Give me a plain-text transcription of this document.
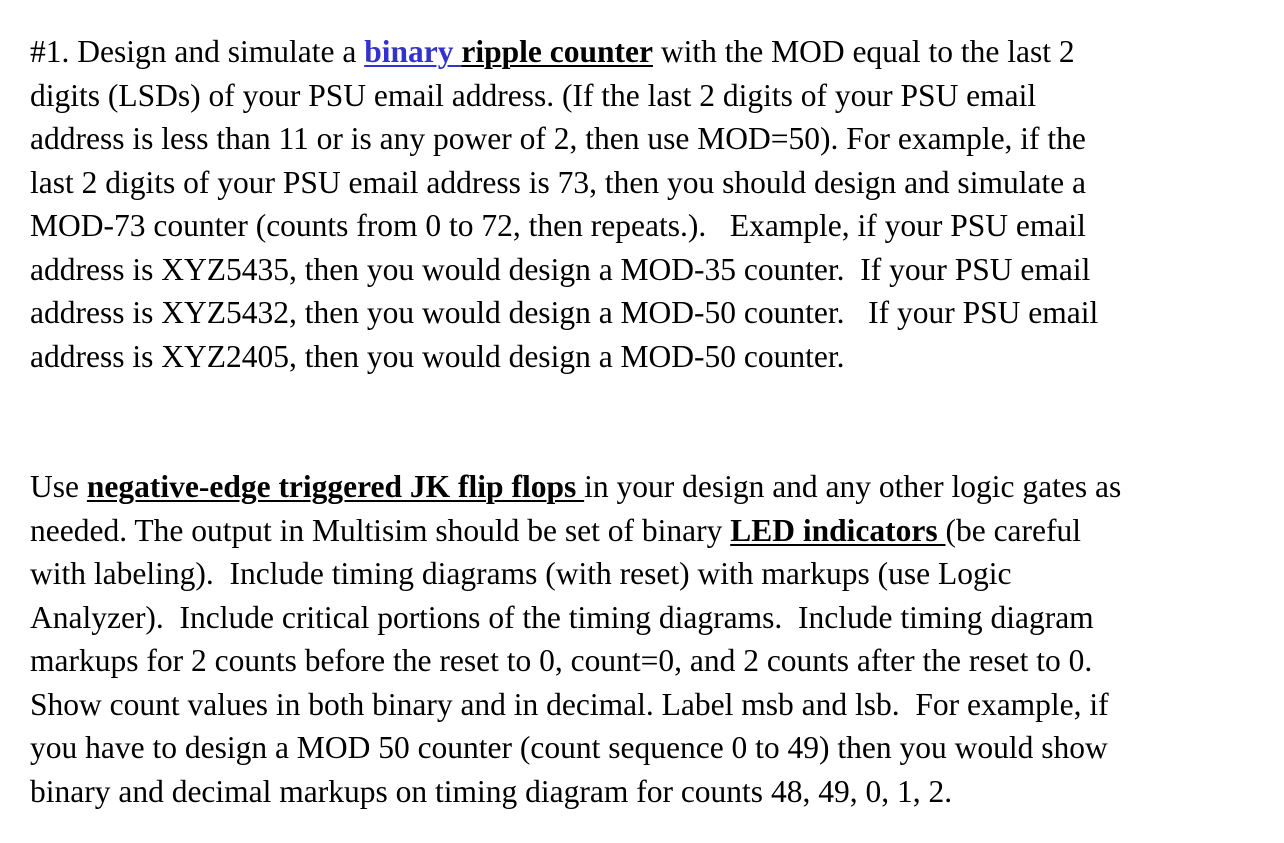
#1. Design and simulate a binary ripple counter with the MOD equal to the last 2
digits (LSDs) of your PSU email address. (If the last 2 digits of your PSU email
address is less than 11 or is any power of 2, then use MOD=50). For example, if the
last 2 digits of your PSU email address is 73, then you should design and simulate a
MOD-73 counter (counts from 0 to 72, then repeats.).   Example, if your PSU email
address is XYZ5435, then you would design a MOD-35 counter.  If your PSU email
address is XYZ5432, then you would design a MOD-50 counter.   If your PSU email
address is XYZ2405, then you would design a MOD-50 counter.
Use negative-edge triggered JK flip flops in your design and any other logic gates as
needed. The output in Multisim should be set of binary LED indicators (be careful
with labeling).  Include timing diagrams (with reset) with markups (use Logic
Analyzer).  Include critical portions of the timing diagrams.  Include timing diagram
markups for 2 counts before the reset to 0, count=0, and 2 counts after the reset to 0.
Show count values in both binary and in decimal. Label msb and lsb.  For example, if
you have to design a MOD 50 counter (count sequence 0 to 49) then you would show
binary and decimal markups on timing diagram for counts 48, 49, 0, 1, 2.
